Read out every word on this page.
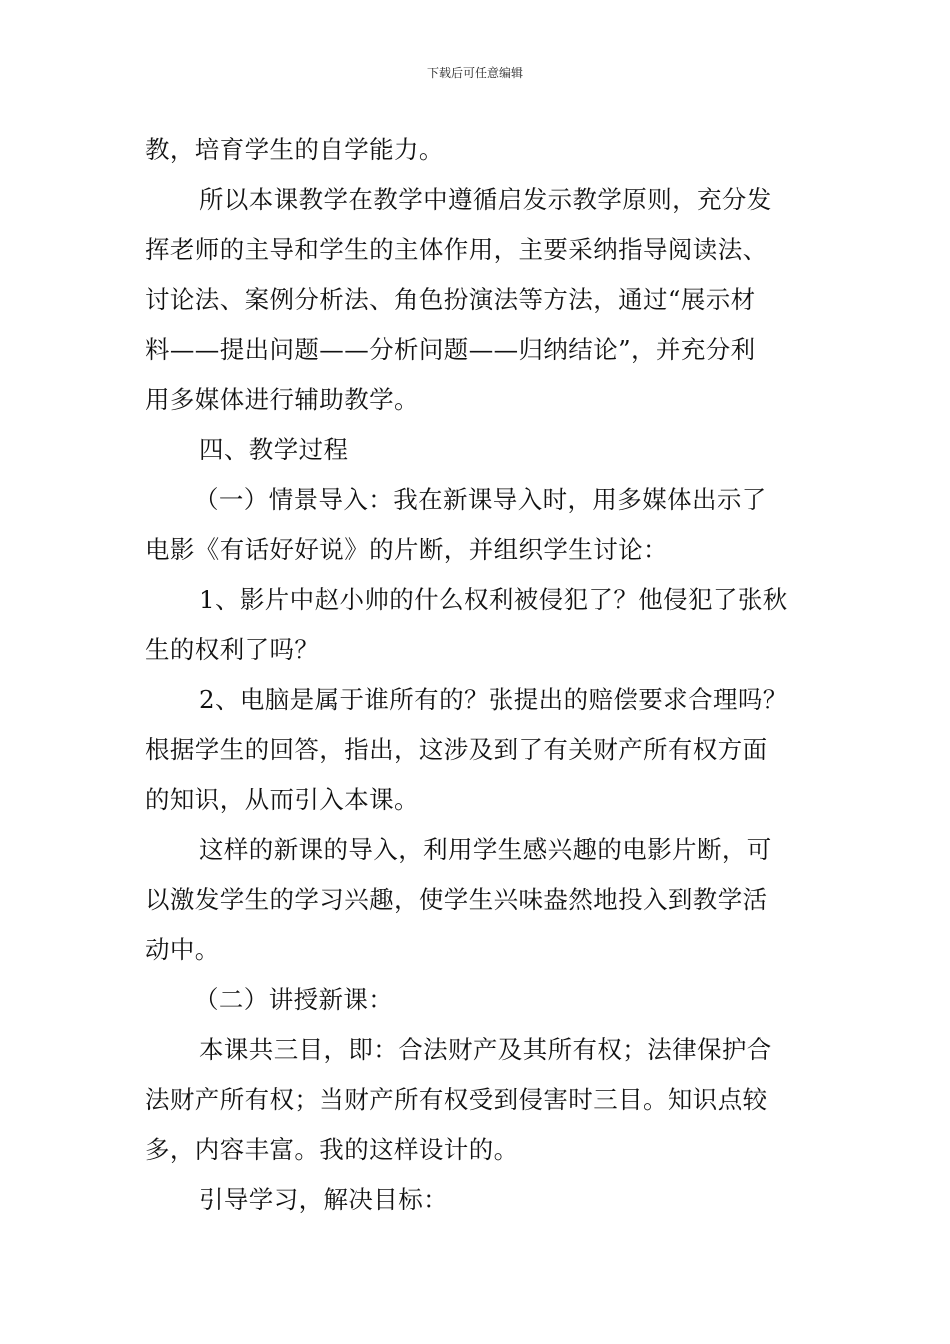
下载后可任意编辑
教，培育学生的自学能力。
所以本课教学在教学中遵循启发示教学原则，充分发
挥老师的主导和学生的主体作用，主要采纳指导阅读法、
讨论法、案例分析法、角色扮演法等方法，通过“展示材
料——提出问题——分析问题——归纳结论”，并充分利
用多媒体进行辅助教学。
四、教学过程
（一）情景导入：我在新课导入时，用多媒体出示了
电影《有话好好说》的片断，并组织学生讨论：
1、影片中赵小帅的什么权利被侵犯了？他侵犯了张秋
生的权利了吗？
2、电脑是属于谁所有的？张提出的赔偿要求合理吗？
根据学生的回答，指出，这涉及到了有关财产所有权方面
的知识，从而引入本课。
这样的新课的导入，利用学生感兴趣的电影片断，可
以激发学生的学习兴趣，使学生兴味盎然地投入到教学活
动中。
（二）讲授新课：
本课共三目，即：合法财产及其所有权；法律保护合
法财产所有权；当财产所有权受到侵害时三目。知识点较
多，内容丰富。我的这样设计的。
引导学习，解决目标：
